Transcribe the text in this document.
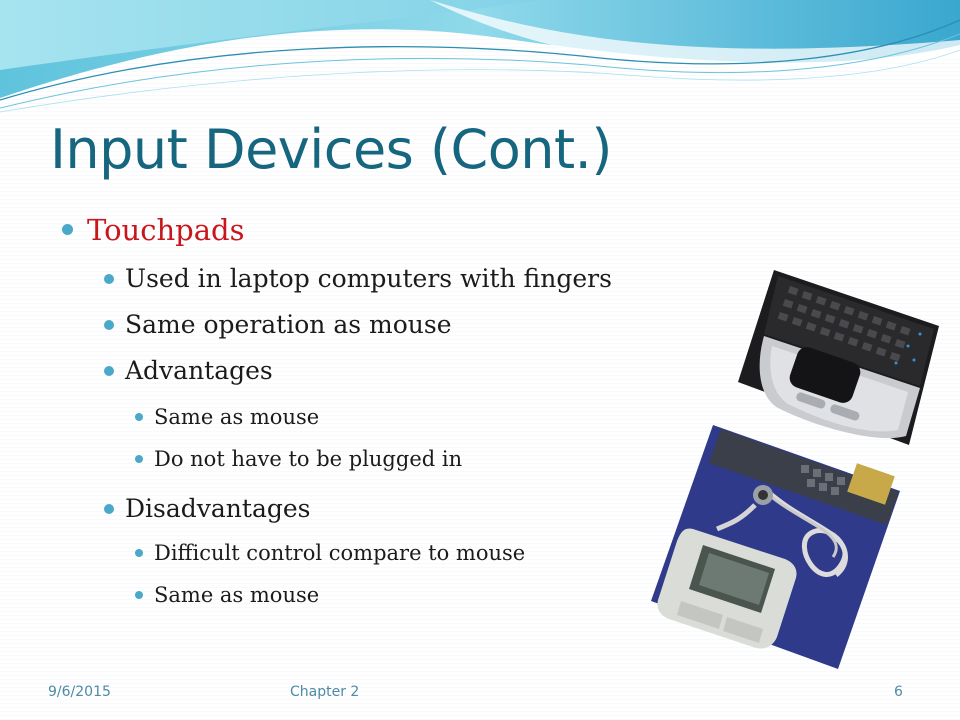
Input Devices (Cont.)
Touchpads
Used in laptop computers with fingers
Same operation as mouse
Advantages
Same as mouse
Do not have to be plugged in
Disadvantages
Difficult control compare to mouse
Same as mouse
9/6/2015	Chapter 2	6
